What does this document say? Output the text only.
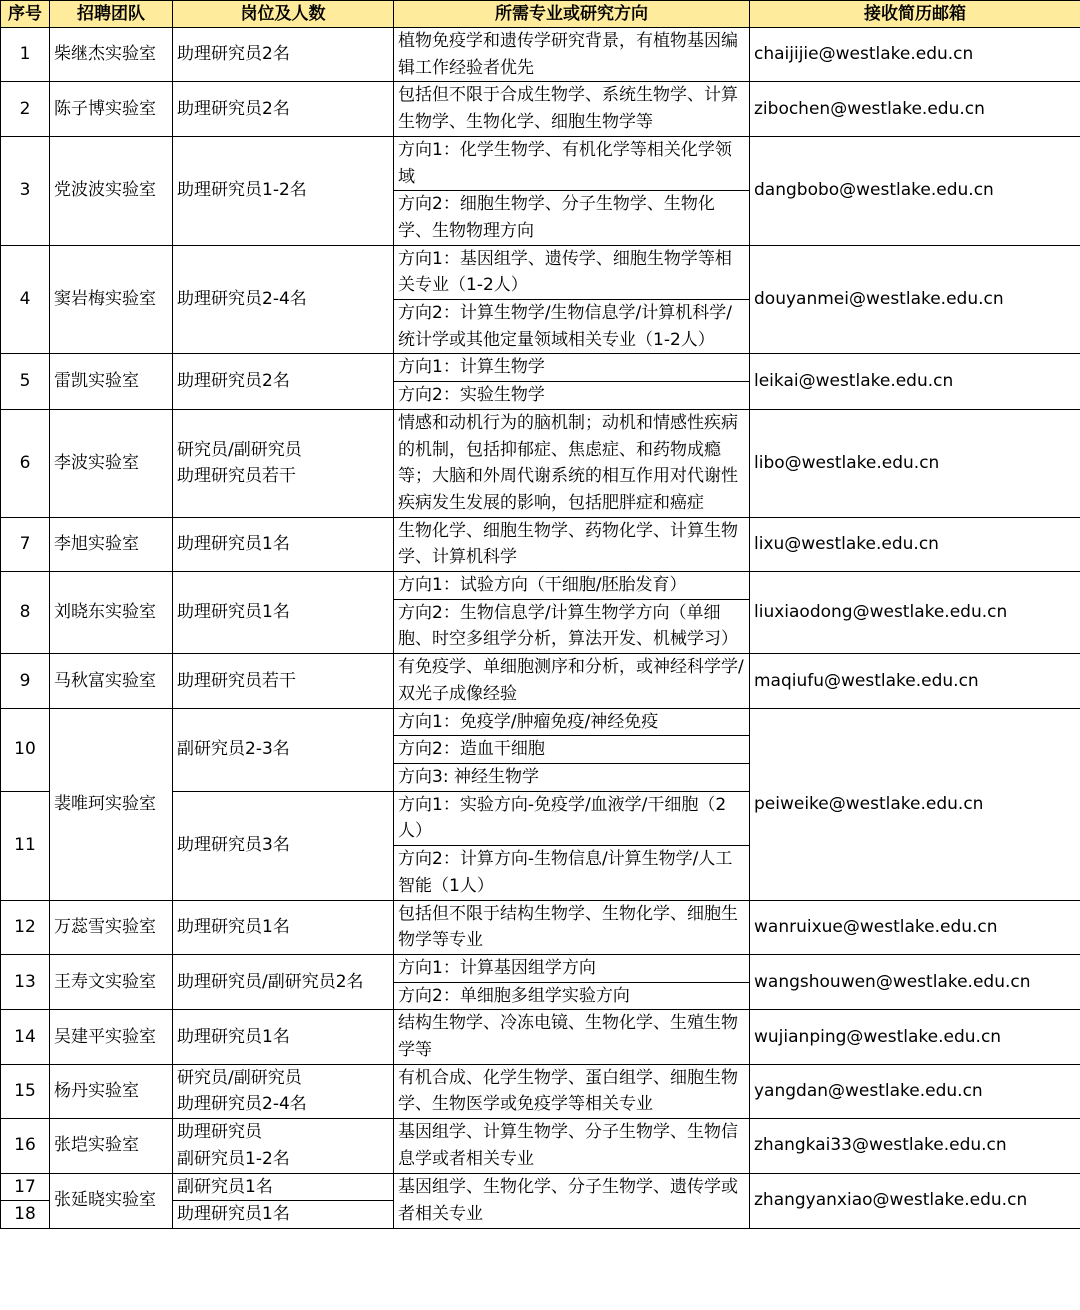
序号	招聘团队	岗位及人数	所需专业或研究方向	接收简历邮箱
1	柴继杰实验室	助理研究员2名	植物免疫学和遗传学研究背景，有植物基因编辑工作经验者优先	chaijijie@westlake.edu.cn
2	陈子博实验室	助理研究员2名	包括但不限于合成生物学、系统生物学、计算生物学、生物化学、细胞生物学等	zibochen@westlake.edu.cn
3	党波波实验室	助理研究员1-2名	方向1：化学生物学、有机化学等相关化学领域	dangbobo@westlake.edu.cn
			方向2：细胞生物学、分子生物学、生物化学、生物物理方向	
4	窦岩梅实验室	助理研究员2-4名	方向1：基因组学、遗传学、细胞生物学等相关专业（1-2人）	douyanmei@westlake.edu.cn
			方向2：计算生物学/生物信息学/计算机科学/统计学或其他定量领域相关专业（1-2人）	
5	雷凯实验室	助理研究员2名	方向1：计算生物学	leikai@westlake.edu.cn
			方向2：实验生物学	
6	李波实验室	研究员/副研究员
助理研究员若干	情感和动机行为的脑机制；动机和情感性疾病的机制，包括抑郁症、焦虑症、和药物成瘾等；大脑和外周代谢系统的相互作用对代谢性疾病发生发展的影响，包括肥胖症和癌症	libo@westlake.edu.cn
7	李旭实验室	助理研究员1名	生物化学、细胞生物学、药物化学、计算生物学、计算机科学	lixu@westlake.edu.cn
8	刘晓东实验室	助理研究员1名	方向1：试验方向（干细胞/胚胎发育）	liuxiaodong@westlake.edu.cn
			方向2：生物信息学/计算生物学方向（单细胞、时空多组学分析，算法开发、机械学习）	
9	马秋富实验室	助理研究员若干	有免疫学、单细胞测序和分析，或神经科学学/双光子成像经验	maqiufu@westlake.edu.cn
10	裴唯珂实验室	副研究员2-3名	方向1：免疫学/肿瘤免疫/神经免疫	peiweike@westlake.edu.cn
			方向2：造血干细胞	
			方向3: 神经生物学	
11		助理研究员3名	方向1：实验方向-免疫学/血液学/干细胞（2人）	
			方向2：计算方向-生物信息/计算生物学/人工智能（1人）	
12	万蕊雪实验室	助理研究员1名	包括但不限于结构生物学、生物化学、细胞生物学等专业	wanruixue@westlake.edu.cn
13	王寿文实验室	助理研究员/副研究员2名	方向1：计算基因组学方向	wangshouwen@westlake.edu.cn
			方向2：单细胞多组学实验方向	
14	吴建平实验室	助理研究员1名	结构生物学、冷冻电镜、生物化学、生殖生物学等	wujianping@westlake.edu.cn
15	杨丹实验室	研究员/副研究员
助理研究员2-4名	有机合成、化学生物学、蛋白组学、细胞生物学、生物医学或免疫学等相关专业	yangdan@westlake.edu.cn
16	张垲实验室	助理研究员
副研究员1-2名	基因组学、计算生物学、分子生物学、生物信息学或者相关专业	zhangkai33@westlake.edu.cn
17	张延晓实验室	副研究员1名	基因组学、生物化学、分子生物学、遗传学或者相关专业	zhangyanxiao@westlake.edu.cn
18		助理研究员1名		
